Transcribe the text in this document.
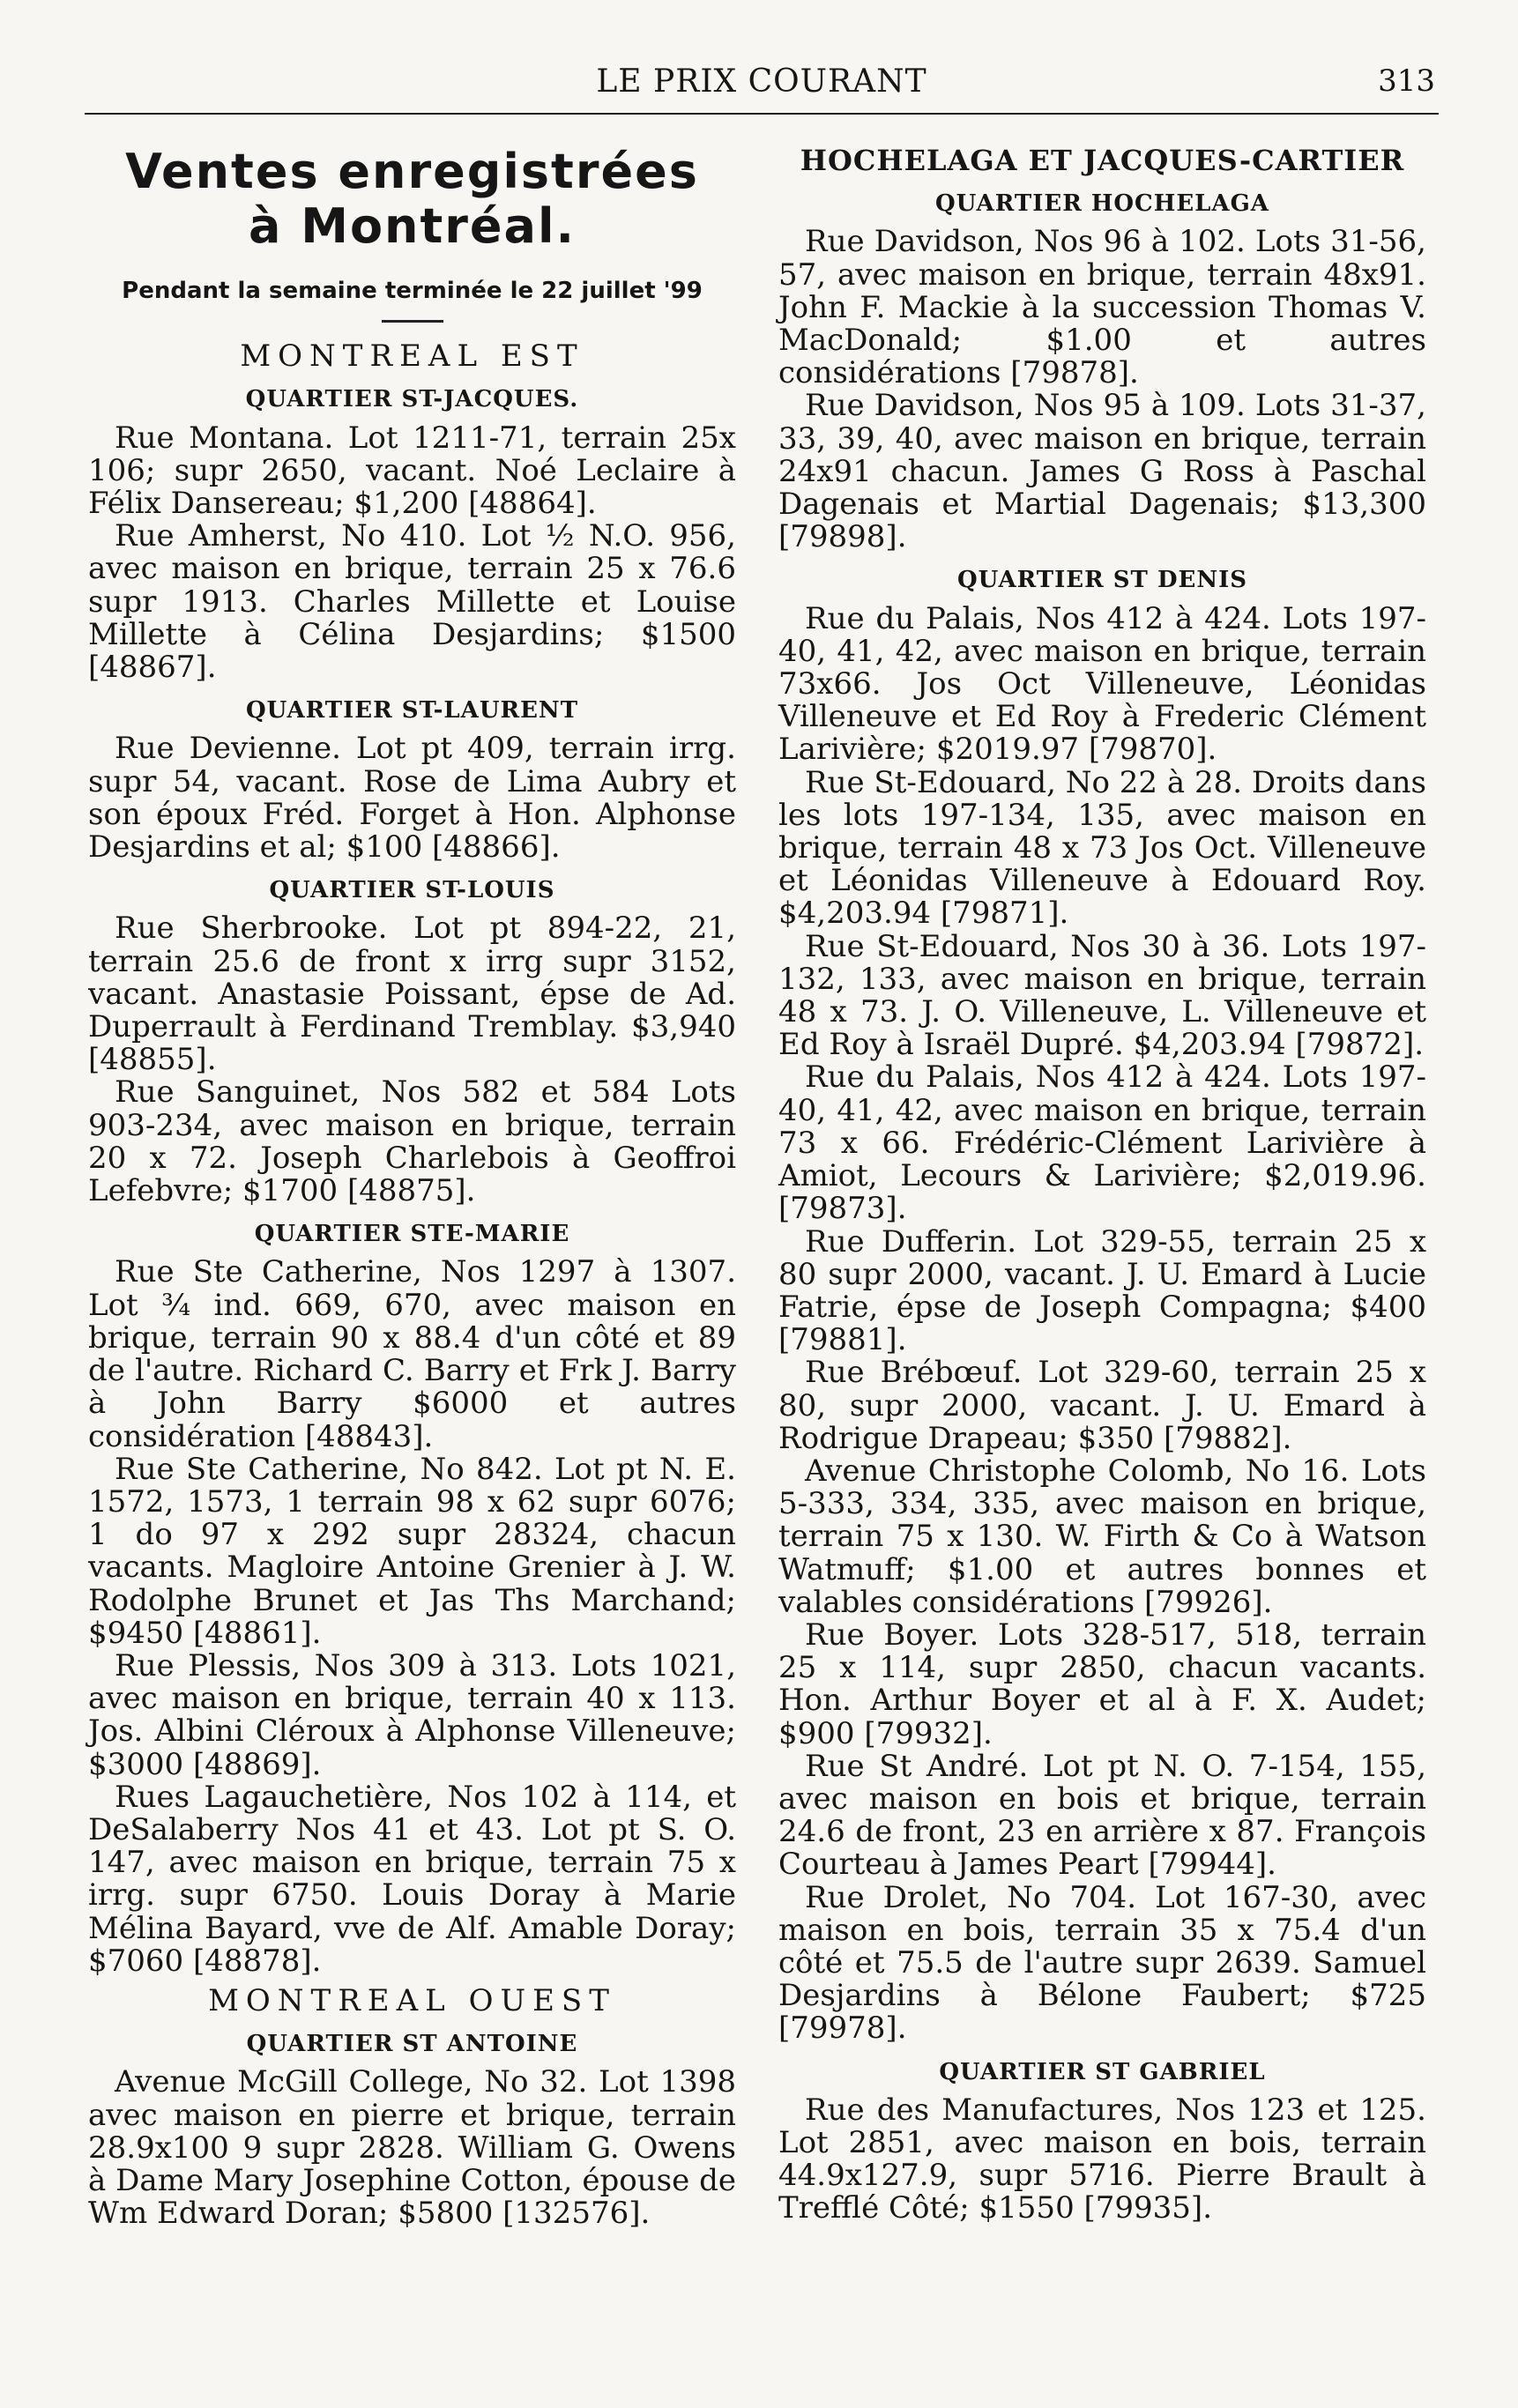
LE PRIX COURANT	313
Ventes enregistrées
à Montréal.
Pendant la semaine terminée le 22 juillet '99
MONTREAL EST
QUARTIER ST-JACQUES.

Rue Montana. Lot 1211-71, terrain 25x 106; supr 2650, vacant. Noé Leclaire à Félix Dansereau; $1,200 [48864].

Rue Amherst, No 410. Lot ½ N.O. 956, avec maison en brique, terrain 25 x 76.6 supr 1913. Charles Millette et Louise Millette à Célina Desjardins; $1500 [48867].

QUARTIER ST-LAURENT

Rue Devienne. Lot pt 409, terrain irrg. supr 54, vacant. Rose de Lima Aubry et son époux Fréd. Forget à Hon. Alphonse Desjardins et al; $100 [48866].

QUARTIER ST-LOUIS

Rue Sherbrooke. Lot pt 894-22, 21, terrain 25.6 de front x irrg supr 3152, vacant. Anastasie Poissant, épse de Ad. Duperrault à Ferdinand Tremblay. $3,940 [48855].

Rue Sanguinet, Nos 582 et 584 Lots 903-234, avec maison en brique, terrain 20 x 72. Joseph Charlebois à Geoffroi Lefebvre; $1700 [48875].

QUARTIER STE-MARIE

Rue Ste Catherine, Nos 1297 à 1307. Lot ¾ ind. 669, 670, avec maison en brique, terrain 90 x 88.4 d'un côté et 89 de l'autre. Richard C. Barry et Frk J. Barry à John Barry $6000 et autres considération [48843].

Rue Ste Catherine, No 842. Lot pt N. E. 1572, 1573, 1 terrain 98 x 62 supr 6076; 1 do 97 x 292 supr 28324, chacun vacants. Magloire Antoine Grenier à J. W. Rodolphe Brunet et Jas Ths Marchand; $9450 [48861].

Rue Plessis, Nos 309 à 313. Lots 1021, avec maison en brique, terrain 40 x 113. Jos. Albini Cléroux à Alphonse Villeneuve; $3000 [48869].

Rues Lagauchetière, Nos 102 à 114, et DeSalaberry Nos 41 et 43. Lot pt S. O. 147, avec maison en brique, terrain 75 x irrg. supr 6750. Louis Doray à Marie Mélina Bayard, vve de Alf. Amable Doray; $7060 [48878].

MONTREAL OUEST
QUARTIER ST ANTOINE

Avenue McGill College, No 32. Lot 1398 avec maison en pierre et brique, terrain 28.9x100 9 supr 2828. William G. Owens à Dame Mary Josephine Cotton, épouse de Wm Edward Doran; $5800 [132576].

HOCHELAGA ET JACQUES-CARTIER
QUARTIER HOCHELAGA

Rue Davidson, Nos 96 à 102. Lots 31-56, 57, avec maison en brique, terrain 48x91. John F. Mackie à la succession Thomas V. MacDonald; $1.00 et autres considérations [79878].

Rue Davidson, Nos 95 à 109. Lots 31-37, 33, 39, 40, avec maison en brique, terrain 24x91 chacun. James G Ross à Paschal Dagenais et Martial Dagenais; $13,300 [79898].

QUARTIER ST DENIS

Rue du Palais, Nos 412 à 424. Lots 197-40, 41, 42, avec maison en brique, terrain 73x66. Jos Oct Villeneuve, Léonidas Villeneuve et Ed Roy à Frederic Clément Larivière; $2019.97 [79870].

Rue St-Edouard, No 22 à 28. Droits dans les lots 197-134, 135, avec maison en brique, terrain 48 x 73 Jos Oct. Villeneuve et Léonidas Villeneuve à Edouard Roy. $4,203.94 [79871].

Rue St-Edouard, Nos 30 à 36. Lots 197-132, 133, avec maison en brique, terrain 48 x 73. J. O. Villeneuve, L. Villeneuve et Ed Roy à Israël Dupré. $4,203.94 [79872].

Rue du Palais, Nos 412 à 424. Lots 197-40, 41, 42, avec maison en brique, terrain 73 x 66. Frédéric-Clément Larivière à Amiot, Lecours & Larivière; $2,019.96. [79873].

Rue Dufferin. Lot 329-55, terrain 25 x 80 supr 2000, vacant. J. U. Emard à Lucie Fatrie, épse de Joseph Compagna; $400 [79881].

Rue Brébœuf. Lot 329-60, terrain 25 x 80, supr 2000, vacant. J. U. Emard à Rodrigue Drapeau; $350 [79882].

Avenue Christophe Colomb, No 16. Lots 5-333, 334, 335, avec maison en brique, terrain 75 x 130. W. Firth & Co à Watson Watmuff; $1.00 et autres bonnes et valables considérations [79926].

Rue Boyer. Lots 328-517, 518, terrain 25 x 114, supr 2850, chacun vacants. Hon. Arthur Boyer et al à F. X. Audet; $900 [79932].

Rue St André. Lot pt N. O. 7-154, 155, avec maison en bois et brique, terrain 24.6 de front, 23 en arrière x 87. François Courteau à James Peart [79944].

Rue Drolet, No 704. Lot 167-30, avec maison en bois, terrain 35 x 75.4 d'un côté et 75.5 de l'autre supr 2639. Samuel Desjardins à Bélone Faubert; $725 [79978].

QUARTIER ST GABRIEL

Rue des Manufactures, Nos 123 et 125. Lot 2851, avec maison en bois, terrain 44.9x127.9, supr 5716. Pierre Brault à Trefflé Côté; $1550 [79935].
